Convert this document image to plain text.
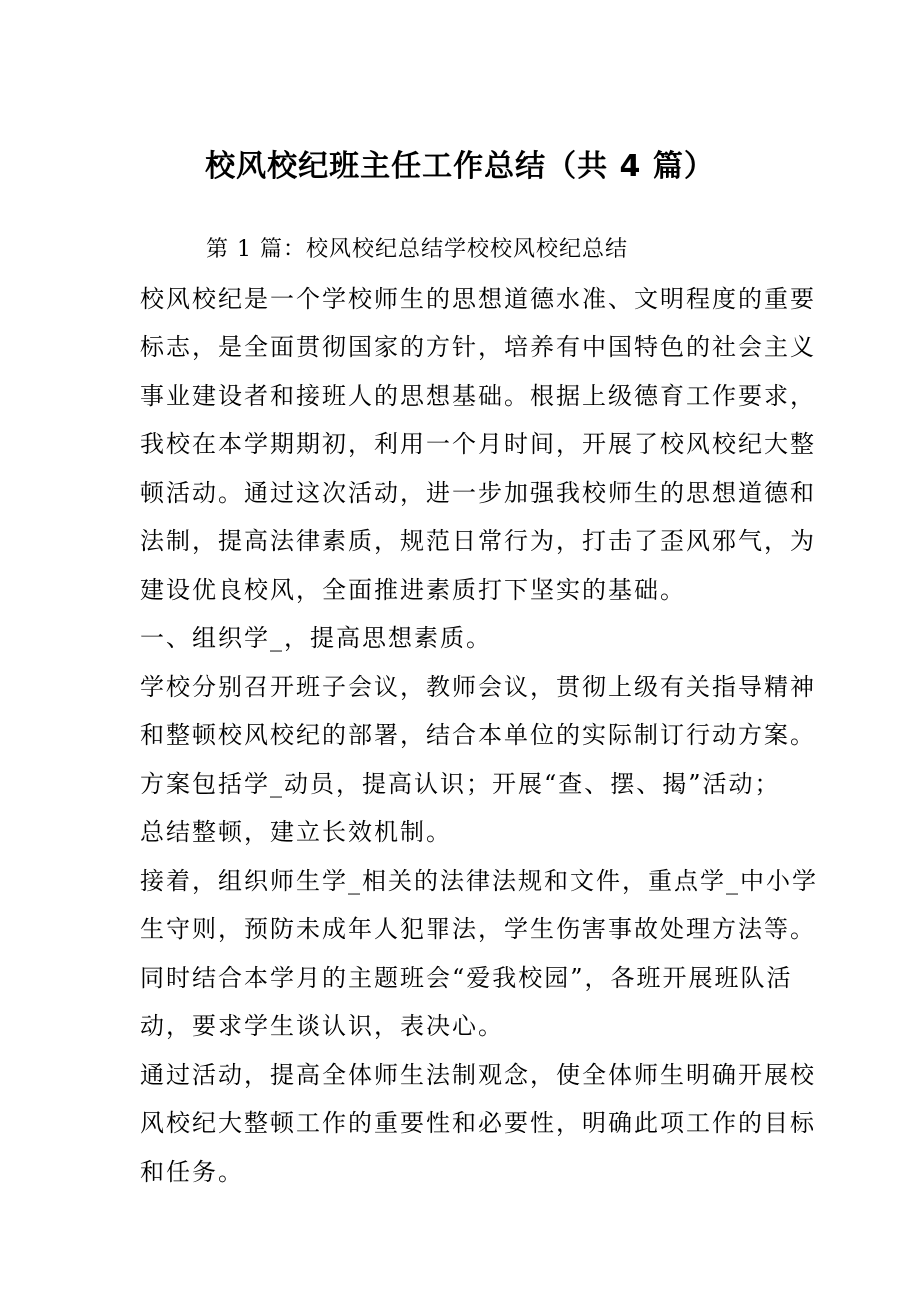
校风校纪班主任工作总结（共 4 篇）

第 1 篇：校风校纪总结学校校风校纪总结

校风校纪是一个学校师生的思想道德水准、文明程度的重要

标志，是全面贯彻国家的方针，培养有中国特色的社会主义

事业建设者和接班人的思想基础。根据上级德育工作要求，

我校在本学期期初，利用一个月时间，开展了校风校纪大整

顿活动。通过这次活动，进一步加强我校师生的思想道德和

法制，提高法律素质，规范日常行为，打击了歪风邪气，为

建设优良校风，全面推进素质打下坚实的基础。

一、组织学_，提高思想素质。

学校分别召开班子会议，教师会议，贯彻上级有关指导精神

和整顿校风校纪的部署，结合本单位的实际制订行动方案。

方案包括学_动员，提高认识；开展“查、摆、揭”活动；

总结整顿，建立长效机制。

接着，组织师生学_相关的法律法规和文件，重点学_中小学

生守则，预防未成年人犯罪法，学生伤害事故处理方法等。

同时结合本学月的主题班会“爱我校园”，各班开展班队活

动，要求学生谈认识，表决心。

通过活动，提高全体师生法制观念，使全体师生明确开展校

风校纪大整顿工作的重要性和必要性，明确此项工作的目标

和任务。
